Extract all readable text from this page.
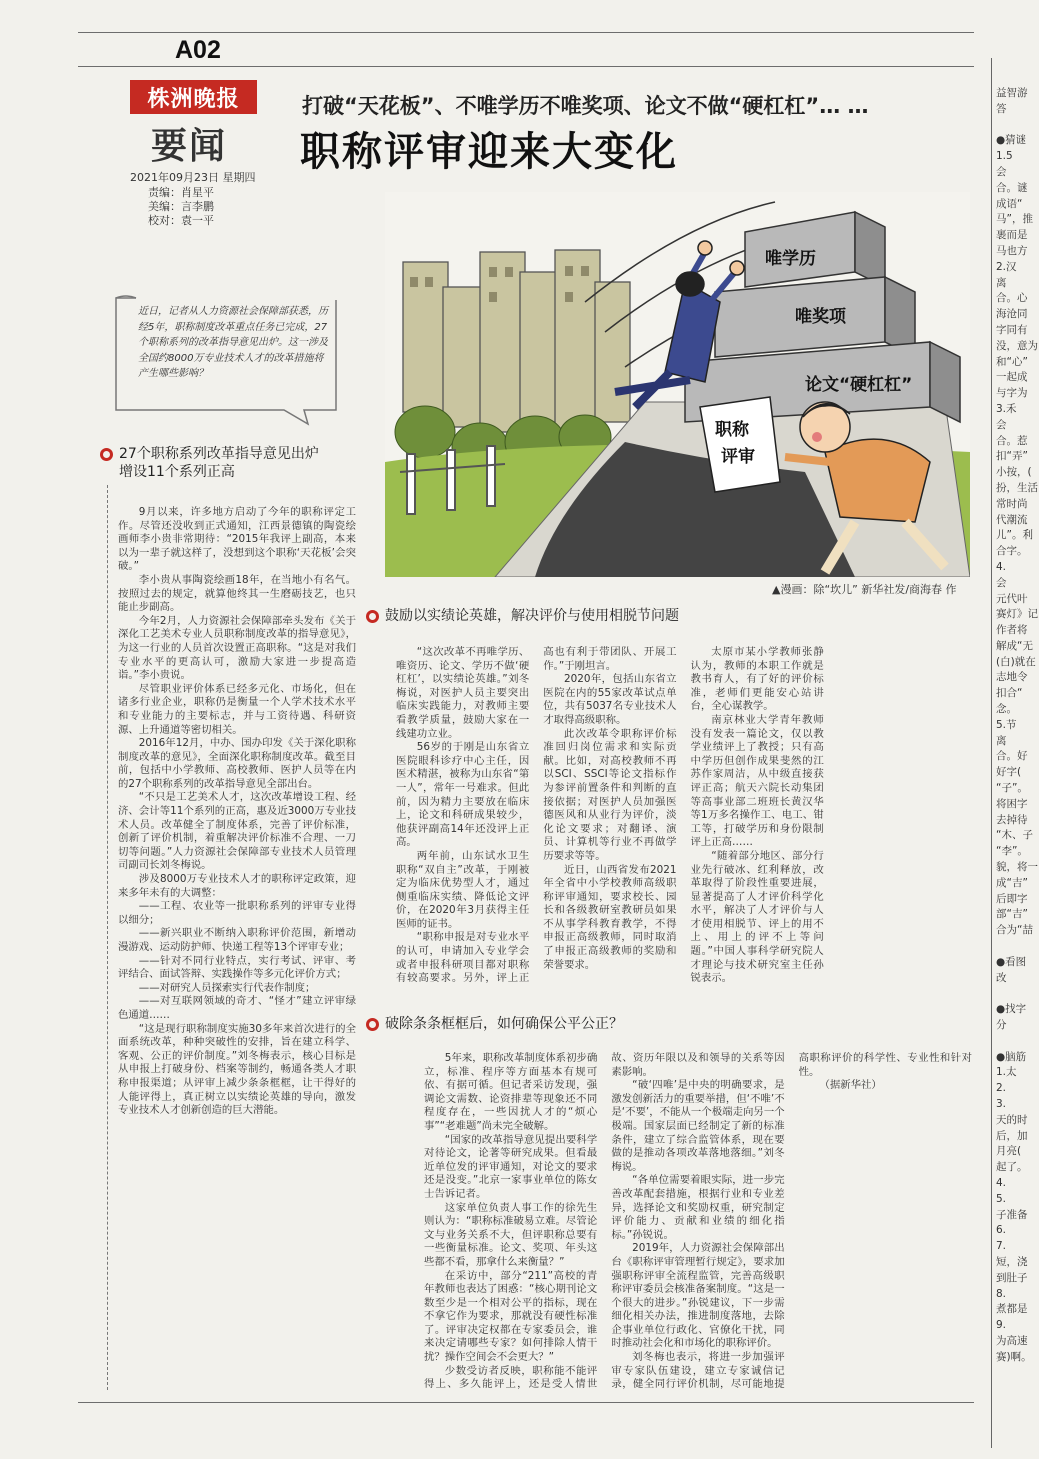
A02
株洲晚报
要闻
2021年09月23日 星期四
责编：肖星平
美编：言李鹏
校对：袁一平
打破“天花板”、不唯学历不唯奖项、论文不做“硬杠杠”… …
职称评审迎来大变化
近日，记者从人力资源社会保障部获悉，历经5年，职称制度改革重点任务已完成，27个职称系列的改革指导意见出炉。这一涉及全国约8000万专业技术人才的改革措施将产生哪些影响？
唯学历
唯奖项
论文“硬杠杠”
职称
评审
▲漫画：除“坎儿” 新华社发/商海春 作
27个职称系列改革指导意见出炉
增设11个系列正高

9月以来，许多地方启动了今年的职称评定工作。尽管还没收到正式通知，江西景德镇的陶瓷绘画师李小贵非常期待：“2015年我评上副高，本来以为一辈子就这样了，没想到这个职称‘天花板’会突破。”

李小贵从事陶瓷绘画18年，在当地小有名气。按照过去的规定，就算他终其一生磨砺技艺，也只能止步副高。

今年2月，人力资源社会保障部牵头发布《关于深化工艺美术专业人员职称制度改革的指导意见》，为这一行业的人员首次设置正高职称。“这是对我们专业水平的更高认可，激励大家进一步提高造诣。”李小贵说。

尽管职业评价体系已经多元化、市场化，但在诸多行业企业，职称仍是衡量一个人学术技术水平和专业能力的主要标志，并与工资待遇、科研资源、上升通道等密切相关。

2016年12月，中办、国办印发《关于深化职称制度改革的意见》，全面深化职称制度改革。截至目前，包括中小学教师、高校教师、医护人员等在内的27个职称系列的改革指导意见全部出台。

“不只是工艺美术人才，这次改革增设工程、经济、会计等11个系列的正高，惠及近3000万专业技术人员。改革健全了制度体系，完善了评价标准，创新了评价机制，着重解决评价标准不合理、一刀切等问题。”人力资源社会保障部专业技术人员管理司副司长刘冬梅说。

涉及8000万专业技术人才的职称评定政策，迎来多年未有的大调整：

——工程、农业等一批职称系列的评审专业得以细分；

——新兴职业不断纳入职称评价范围，新增动漫游戏、运动防护师、快递工程等13个评审专业；

——针对不同行业特点，实行考试、评审、考评结合、面试答辩、实践操作等多元化评价方式；

——对研究人员探索实行代表作制度；

——对互联网领域的奇才、“怪才”建立评审绿色通道……

“这是现行职称制度实施30多年来首次进行的全面系统改革，种种突破性的安排，旨在建立科学、客观、公正的评价制度。”刘冬梅表示，核心目标是从申报上打破身份、档案等制约，畅通各类人才职称申报渠道；从评审上减少条条框框，让干得好的人能评得上，真正树立以实绩论英雄的导向，激发专业技术人才创新创造的巨大潜能。

鼓励以实绩论英雄，解决评价与使用相脱节问题

“这次改革不再唯学历、唯资历、论文、学历不做‘硬杠杠’，以实绩论英雄。”刘冬梅说，对医护人员主要突出临床实践能力，对教师主要看教学质量，鼓励大家在一线建功立业。

56岁的于刚是山东省立医院眼科诊疗中心主任，因医术精湛，被称为山东省“第一人”，常年一号难求。但此前，因为精力主要放在临床上，论文和科研成果较少，他获评副高14年还没评上正高。

两年前，山东试水卫生职称“双自主”改革，于刚被定为临床优势型人才，通过侧重临床实绩、降低论文评价，在2020年3月获得主任医师的证书。

“职称申报是对专业水平的认可，申请加入专业学会或者申报科研项目都对职称有较高要求。另外，评上正高也有利于带团队、开展工作。”于刚坦言。

2020年，包括山东省立医院在内的55家改革试点单位，共有5037名专业技术人才取得高级职称。

此次改革令职称评价标准回归岗位需求和实际贡献。比如，对高校教师不再以SCI、SSCI等论文指标作为参评前置条件和判断的直接依据；对医护人员加强医德医风和从业行为评价，淡化论文要求；对翻译、演员、计算机等行业不再做学历要求等等。

近日，山西省发布2021年全省中小学校教师高级职称评审通知，要求校长、园长和各级教研室教研员如果不从事学科教育教学，不得申报正高级教师，同时取消了申报正高级教师的奖励和荣誉要求。

太原市某小学教师张静认为，教师的本职工作就是教书育人，有了好的评价标准，老师们更能安心站讲台，全心谋教学。

南京林业大学青年教师没有发表一篇论文，仅以教学业绩评上了教授；只有高中学历但创作成果斐然的江苏作家周洁，从中级直接获评正高；航天六院长动集团等高事业部二班班长黄汉华等1万多名操作工、电工、钳工等，打破学历和身份限制评上正高……

“随着部分地区、部分行业先行破冰、红利释放，改革取得了阶段性重要进展，显著提高了人才评价科学化水平，解决了人才评价与人才使用相脱节、评上的用不上、用上的评不上等问题。”中国人事科学研究院人才理论与技术研究室主任孙锐表示。

破除条条框框后，如何确保公平公正？

5年来，职称改革制度体系初步确立，标准、程序等方面基本有规可依、有据可循。但记者采访发现，强调论文需数、论资排辈等现象还不同程度存在，一些因扰人才的“烦心事”“老难题”尚未完全破解。

“国家的改革指导意见提出要科学对待论文，论著等研究成果。但看最近单位发的评审通知，对论文的要求还是没变。”北京一家事业单位的陈女士告诉记者。

这家单位负责人事工作的徐先生则认为：“职称标准破易立难。尽管论文与业务关系不大，但评职称总要有一些衡量标准。论文、奖项、年头这些都不看，那拿什么来衡量？”

在采访中，部分“211”高校的青年教师也表达了困惑：“核心期刊论文数至少是一个相对公平的指标，现在不拿它作为要求，那就没有硬性标准了。评审决定权都在专家委员会，谁来决定请哪些专家？如何排除人情干扰？操作空间会不会更大？”

少数受访者反映，职称能不能评得上、多久能评上，还是受人情世故、资历年限以及和领导的关系等因素影响。

“破‘四唯’是中央的明确要求，是激发创新活力的重要举措，但‘不唯’不是‘不要’，不能从一个极端走向另一个极端。国家层面已经制定了新的标准条件，建立了综合监管体系，现在要做的是推动各项改革落地落细。”刘冬梅说。

“各单位需要着眼实际，进一步完善改革配套措施，根据行业和专业差异，选择论文和奖励权重，研究制定评价能力、贡献和业绩的细化指标。”孙锐说。

2019年，人力资源社会保障部出台《职称评审管理暂行规定》，要求加强职称评审全流程监管，完善高级职称评审委员会核准备案制度。“这是一个很大的进步。”孙锐建议，下一步需细化相关办法，推进制度落地，去除企事业单位行政化、官僚化干扰，同时推动社会化和市场化的职称评价。

刘冬梅也表示，将进一步加强评审专家队伍建设，建立专家诚信记录，健全同行评价机制，尽可能地提高职称评价的科学性、专业性和针对性。

（据新华社）

益智游
答

●猜谜
1.5
会
合。谜
成语“
马”，推
裹而是
马也方
2.汉
离
合。心
海沧同
字同有
没，意为
和“心”
一起成
与字为
3.禾
会
合。惹
扣“弄”
小按，(
扮，生活
常时尚
代潮流
儿”。利
合字。
4.
会
元代叶
赛灯》记
作者将
解成“无
(白)就在
志地令
扣合“
念。
5.节
离
合。好
好字(
“子”。
将困字
去掉待
“木、子
“李”。
貌，将一
成“吉”
后即字
部“吉”
合为“喆

●看图
改

●找字
分

●脑筋
1.太
2.
3.
天的时
后，加
月亮(
起了。
4.
5.
子准备
6.
7.
短，浇
到肚子
8.
煮都是
9.
为高速
赛)啊。
